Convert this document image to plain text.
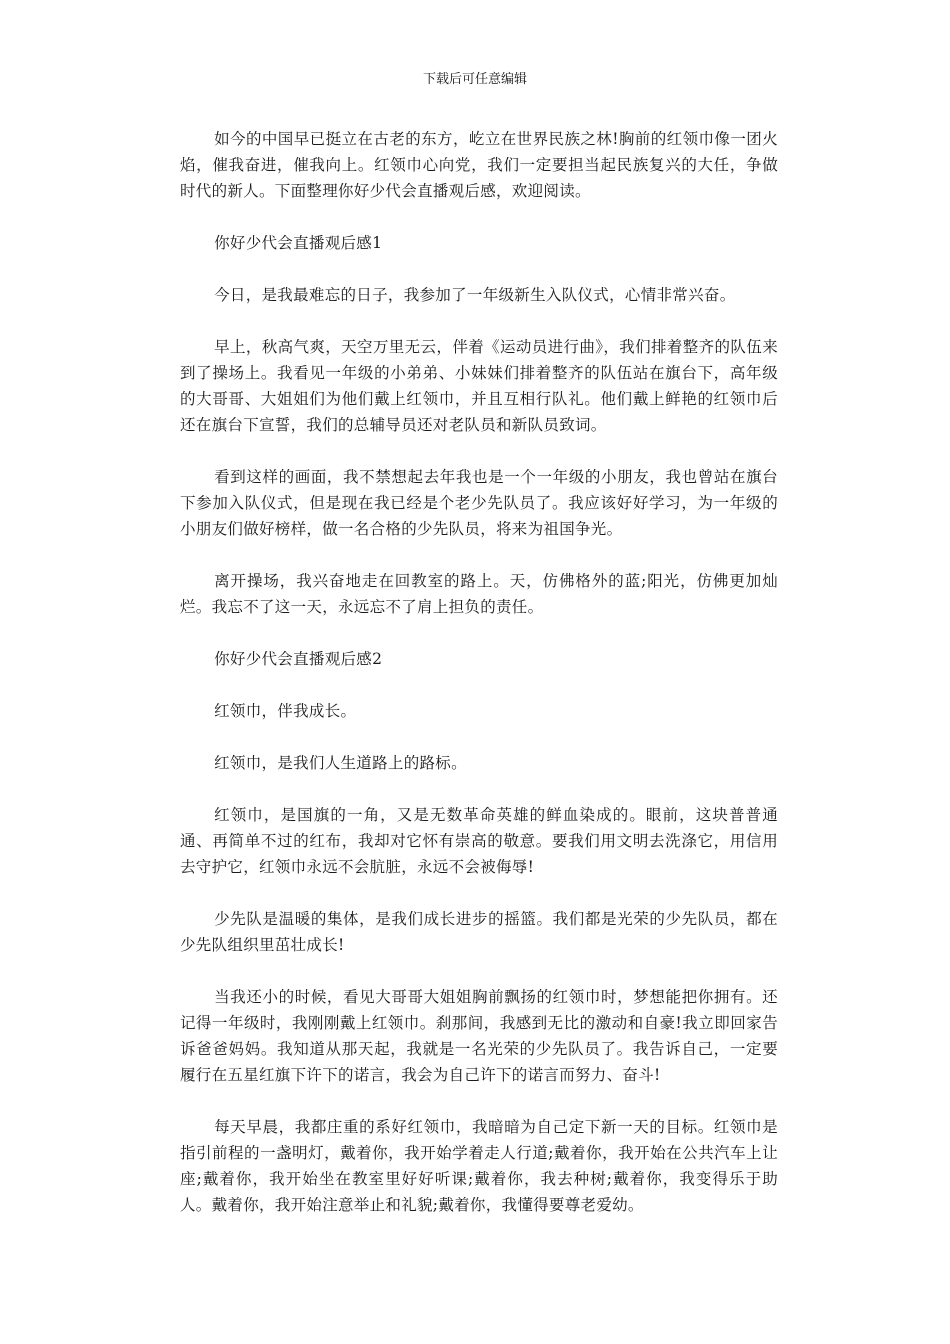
下载后可任意编辑

如今的中国早已挺立在古老的东方，屹立在世界民族之林!胸前的红领巾像一团火焰，催我奋进，催我向上。红领巾心向党，我们一定要担当起民族复兴的大任，争做时代的新人。下面整理你好少代会直播观后感，欢迎阅读。

你好少代会直播观后感1

今日，是我最难忘的日子，我参加了一年级新生入队仪式，心情非常兴奋。

早上，秋高气爽，天空万里无云，伴着《运动员进行曲》，我们排着整齐的队伍来到了操场上。我看见一年级的小弟弟、小妹妹们排着整齐的队伍站在旗台下，高年级的大哥哥、大姐姐们为他们戴上红领巾，并且互相行队礼。他们戴上鲜艳的红领巾后还在旗台下宣誓，我们的总辅导员还对老队员和新队员致词。

看到这样的画面，我不禁想起去年我也是一个一年级的小朋友，我也曾站在旗台下参加入队仪式，但是现在我已经是个老少先队员了。我应该好好学习，为一年级的小朋友们做好榜样，做一名合格的少先队员，将来为祖国争光。

离开操场，我兴奋地走在回教室的路上。天，仿佛格外的蓝;阳光，仿佛更加灿烂。我忘不了这一天，永远忘不了肩上担负的责任。

你好少代会直播观后感2

红领巾，伴我成长。

红领巾，是我们人生道路上的路标。

红领巾，是国旗的一角，又是无数革命英雄的鲜血染成的。眼前，这块普普通通、再简单不过的红布，我却对它怀有崇高的敬意。要我们用文明去洗涤它，用信用去守护它，红领巾永远不会肮脏，永远不会被侮辱!

少先队是温暖的集体，是我们成长进步的摇篮。我们都是光荣的少先队员，都在少先队组织里茁壮成长!

当我还小的时候，看见大哥哥大姐姐胸前飘扬的红领巾时，梦想能把你拥有。还记得一年级时，我刚刚戴上红领巾。刹那间，我感到无比的激动和自豪!我立即回家告诉爸爸妈妈。我知道从那天起，我就是一名光荣的少先队员了。我告诉自己，一定要履行在五星红旗下许下的诺言，我会为自己许下的诺言而努力、奋斗!

每天早晨，我都庄重的系好红领巾，我暗暗为自己定下新一天的目标。红领巾是指引前程的一盏明灯，戴着你，我开始学着走人行道;戴着你，我开始在公共汽车上让座;戴着你，我开始坐在教室里好好听课;戴着你，我去种树;戴着你，我变得乐于助人。戴着你，我开始注意举止和礼貌;戴着你，我懂得要尊老爱幼。
